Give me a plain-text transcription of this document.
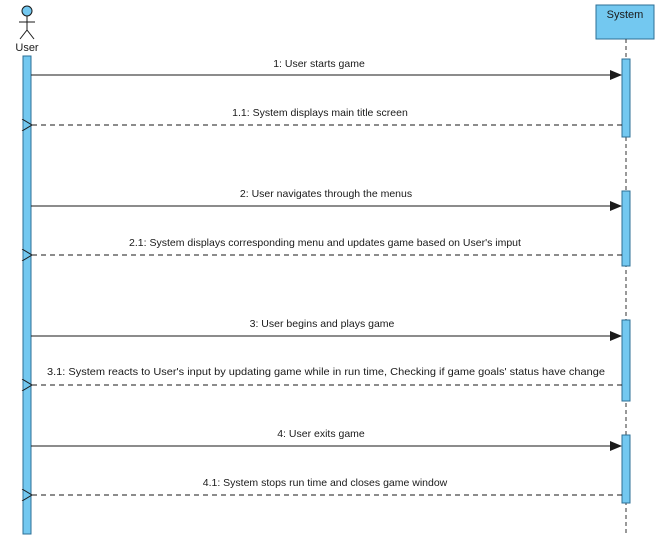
User
System
1: User starts game
1.1: System displays main title screen
2: User navigates through the menus
2.1: System displays corresponding menu and updates game based on User's imput
3: User begins and plays game
3.1: System reacts to User's input by updating game while in run time, Checking if game goals' status have change
4: User exits game
4.1: System stops run time and closes game window
